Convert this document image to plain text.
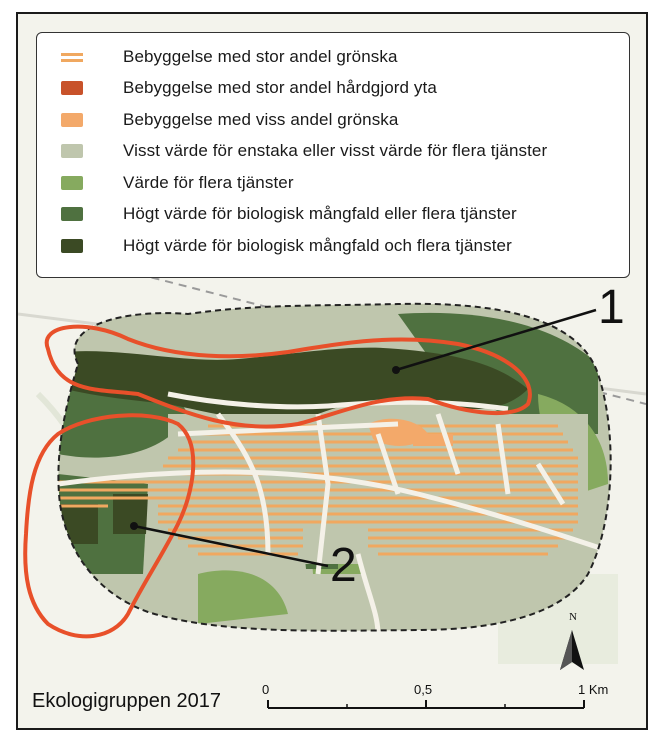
Bebyggelse med stor andel grönska
Bebyggelse med stor andel hårdgjord yta
Bebyggelse med viss andel grönska
Visst värde för enstaka eller visst värde för flera tjänster
Värde för flera tjänster
Högt värde för biologisk mångfald eller flera tjänster
Högt värde för biologisk mångfald och flera tjänster
1
2
N
0	0,5	1 Km
Ekologigruppen 2017
